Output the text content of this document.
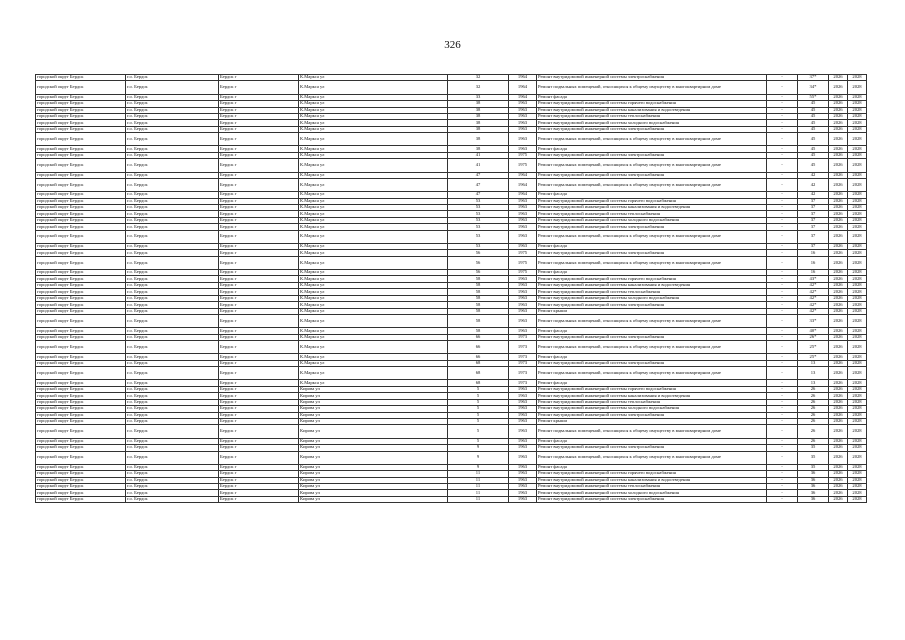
326
городской округ Бердск	г.о. Бердск	Бердск г	К.Маркса ул	32	1964	Ремонт внутридомовой инженерной системы электроснабжения	-	37*	2026	2028
городской округ Бердск	г.о. Бердск	Бердск г	К.Маркса ул	32	1964	Ремонт подвальных помещений, относящихся к общему имуществу в многоквартирном доме	-	34*	2026	2028
городской округ Бердск	г.о. Бердск	Бердск г	К.Маркса ул	33	1964	Ремонт фасада	-	55*	2026	2028
городской округ Бердск	г.о. Бердск	Бердск г	К.Маркса ул	38	1963	Ремонт внутридомовой инженерной системы горячего водоснабжения	-	45	2026	2028
городской округ Бердск	г.о. Бердск	Бердск г	К.Маркса ул	38	1963	Ремонт внутридомовой инженерной системы канализования и водоотведения	-	45	2026	2028
городской округ Бердск	г.о. Бердск	Бердск г	К.Маркса ул	38	1963	Ремонт внутридомовой инженерной системы теплоснабжения	-	45	2026	2028
городской округ Бердск	г.о. Бердск	Бердск г	К.Маркса ул	38	1963	Ремонт внутридомовой инженерной системы холодного водоснабжения	-	45	2026	2028
городской округ Бердск	г.о. Бердск	Бердск г	К.Маркса ул	38	1963	Ремонт внутридомовой инженерной системы электроснабжения	-	45	2026	2028
городской округ Бердск	г.о. Бердск	Бердск г	К.Маркса ул	38	1963	Ремонт подвальных помещений, относящихся к общему имуществу в многоквартирном доме	-	45	2026	2028
городской округ Бердск	г.о. Бердск	Бердск г	К.Маркса ул	38	1963	Ремонт фасада	-	45	2026	2028
городской округ Бердск	г.о. Бердск	Бердск г	К.Маркса ул	41	1975	Ремонт внутридомовой инженерной системы электроснабжения	-	45	2026	2028
городской округ Бердск	г.о. Бердск	Бердск г	К.Маркса ул	41	1975	Ремонт подвальных помещений, относящихся к общему имуществу в многоквартирном доме	-	45	2026	2028
городской округ Бердск	г.о. Бердск	Бердск г	К.Маркса ул	47	1964	Ремонт внутридомовой инженерной системы электроснабжения	-	42	2026	2028
городской округ Бердск	г.о. Бердск	Бердск г	К.Маркса ул	47	1964	Ремонт подвальных помещений, относящихся к общему имуществу в многоквартирном доме	-	42	2026	2028
городской округ Бердск	г.о. Бердск	Бердск г	К.Маркса ул	47	1964	Ремонт фасада	-	42	2026	2028
городской округ Бердск	г.о. Бердск	Бердск г	К.Маркса ул	53	1963	Ремонт внутридомовой инженерной системы горячего водоснабжения	-	37	2026	2028
городской округ Бердск	г.о. Бердск	Бердск г	К.Маркса ул	53	1963	Ремонт внутридомовой инженерной системы канализования и водоотведения	-	37	2026	2028
городской округ Бердск	г.о. Бердск	Бердск г	К.Маркса ул	53	1963	Ремонт внутридомовой инженерной системы теплоснабжения	-	37	2026	2028
городской округ Бердск	г.о. Бердск	Бердск г	К.Маркса ул	53	1963	Ремонт внутридомовой инженерной системы холодного водоснабжения	-	37	2026	2028
городской округ Бердск	г.о. Бердск	Бердск г	К.Маркса ул	53	1963	Ремонт внутридомовой инженерной системы электроснабжения	-	37	2026	2028
городской округ Бердск	г.о. Бердск	Бердск г	К.Маркса ул	53	1963	Ремонт подвальных помещений, относящихся к общему имуществу в многоквартирном доме	-	37	2026	2028
городской округ Бердск	г.о. Бердск	Бердск г	К.Маркса ул	53	1963	Ремонт фасада	-	37	2026	2028
городской округ Бердск	г.о. Бердск	Бердск г	К.Маркса ул	56	1975	Ремонт внутридомовой инженерной системы электроснабжения	-	16	2026	2028
городской округ Бердск	г.о. Бердск	Бердск г	К.Маркса ул	56	1975	Ремонт подвальных помещений, относящихся к общему имуществу в многоквартирном доме	-	16	2026	2028
городской округ Бердск	г.о. Бердск	Бердск г	К.Маркса ул	56	1975	Ремонт фасада	-	16	2026	2028
городской округ Бердск	г.о. Бердск	Бердск г	К.Маркса ул	58	1963	Ремонт внутридомовой инженерной системы горячего водоснабжения	-	43*	2026	2028
городской округ Бердск	г.о. Бердск	Бердск г	К.Маркса ул	58	1963	Ремонт внутридомовой инженерной системы канализования и водоотведения	-	42*	2026	2028
городской округ Бердск	г.о. Бердск	Бердск г	К.Маркса ул	58	1963	Ремонт внутридомовой инженерной системы теплоснабжения	-	42*	2026	2028
городской округ Бердск	г.о. Бердск	Бердск г	К.Маркса ул	58	1963	Ремонт внутридомовой инженерной системы холодного водоснабжения	-	42*	2026	2028
городской округ Бердск	г.о. Бердск	Бердск г	К.Маркса ул	58	1963	Ремонт внутридомовой инженерной системы электроснабжения	-	42*	2026	2028
городской округ Бердск	г.о. Бердск	Бердск г	К.Маркса ул	58	1963	Ремонт крыши	-	42*	2026	2028
городской округ Бердск	г.о. Бердск	Бердск г	К.Маркса ул	58	1963	Ремонт подвальных помещений, относящихся к общему имуществу в многоквартирном доме	-	33*	2026	2028
городской округ Бердск	г.о. Бердск	Бердск г	К.Маркса ул	58	1963	Ремонт фасада	-	40*	2026	2028
городской округ Бердск	г.о. Бердск	Бердск г	К.Маркса ул	66	1973	Ремонт внутридомовой инженерной системы электроснабжения	-	26*	2026	2028
городской округ Бердск	г.о. Бердск	Бердск г	К.Маркса ул	66	1973	Ремонт подвальных помещений, относящихся к общему имуществу в многоквартирном доме	-	25*	2026	2028
городской округ Бердск	г.о. Бердск	Бердск г	К.Маркса ул	66	1973	Ремонт фасада	-	25*	2026	2028
городской округ Бердск	г.о. Бердск	Бердск г	К.Маркса ул	68	1973	Ремонт внутридомовой инженерной системы электроснабжения	-	13	2026	2028
городской округ Бердск	г.о. Бердск	Бердск г	К.Маркса ул	68	1973	Ремонт подвальных помещений, относящихся к общему имуществу в многоквартирном доме	-	13	2026	2028
городской округ Бердск	г.о. Бердск	Бердск г	К.Маркса ул	68	1973	Ремонт фасада	-	13	2026	2028
городской округ Бердск	г.о. Бердск	Бердск г	Кирова ул	5	1963	Ремонт внутридомовой инженерной системы горячего водоснабжения	-	26	2026	2028
городской округ Бердск	г.о. Бердск	Бердск г	Кирова ул	5	1963	Ремонт внутридомовой инженерной системы канализования и водоотведения	-	26	2026	2028
городской округ Бердск	г.о. Бердск	Бердск г	Кирова ул	5	1963	Ремонт внутридомовой инженерной системы теплоснабжения	-	26	2026	2028
городской округ Бердск	г.о. Бердск	Бердск г	Кирова ул	5	1963	Ремонт внутридомовой инженерной системы холодного водоснабжения	-	26	2026	2028
городской округ Бердск	г.о. Бердск	Бердск г	Кирова ул	5	1963	Ремонт внутридомовой инженерной системы электроснабжения	-	26	2026	2028
городской округ Бердск	г.о. Бердск	Бердск г	Кирова ул	5	1963	Ремонт крыши	-	26	2026	2028
городской округ Бердск	г.о. Бердск	Бердск г	Кирова ул	5	1963	Ремонт подвальных помещений, относящихся к общему имуществу в многоквартирном доме	-	26	2026	2028
городской округ Бердск	г.о. Бердск	Бердск г	Кирова ул	5	1963	Ремонт фасада	-	26	2026	2028
городской округ Бердск	г.о. Бердск	Бердск г	Кирова ул	9	1963	Ремонт внутридомовой инженерной системы электроснабжения	-	35	2026	2028
городской округ Бердск	г.о. Бердск	Бердск г	Кирова ул	9	1963	Ремонт подвальных помещений, относящихся к общему имуществу в многоквартирном доме	-	35	2026	2028
городской округ Бердск	г.о. Бердск	Бердск г	Кирова ул	9	1963	Ремонт фасада	-	35	2026	2028
городской округ Бердск	г.о. Бердск	Бердск г	Кирова ул	11	1963	Ремонт внутридомовой инженерной системы горячего водоснабжения	-	36	2026	2028
городской округ Бердск	г.о. Бердск	Бердск г	Кирова ул	11	1963	Ремонт внутридомовой инженерной системы канализования и водоотведения	-	36	2026	2028
городской округ Бердск	г.о. Бердск	Бердск г	Кирова ул	11	1963	Ремонт внутридомовой инженерной системы теплоснабжения	-	36	2026	2028
городской округ Бердск	г.о. Бердск	Бердск г	Кирова ул	11	1963	Ремонт внутридомовой инженерной системы холодного водоснабжения	-	36	2026	2028
городской округ Бердск	г.о. Бердск	Бердск г	Кирова ул	11	1963	Ремонт внутридомовой инженерной системы электроснабжения	-	36	2026	2028
